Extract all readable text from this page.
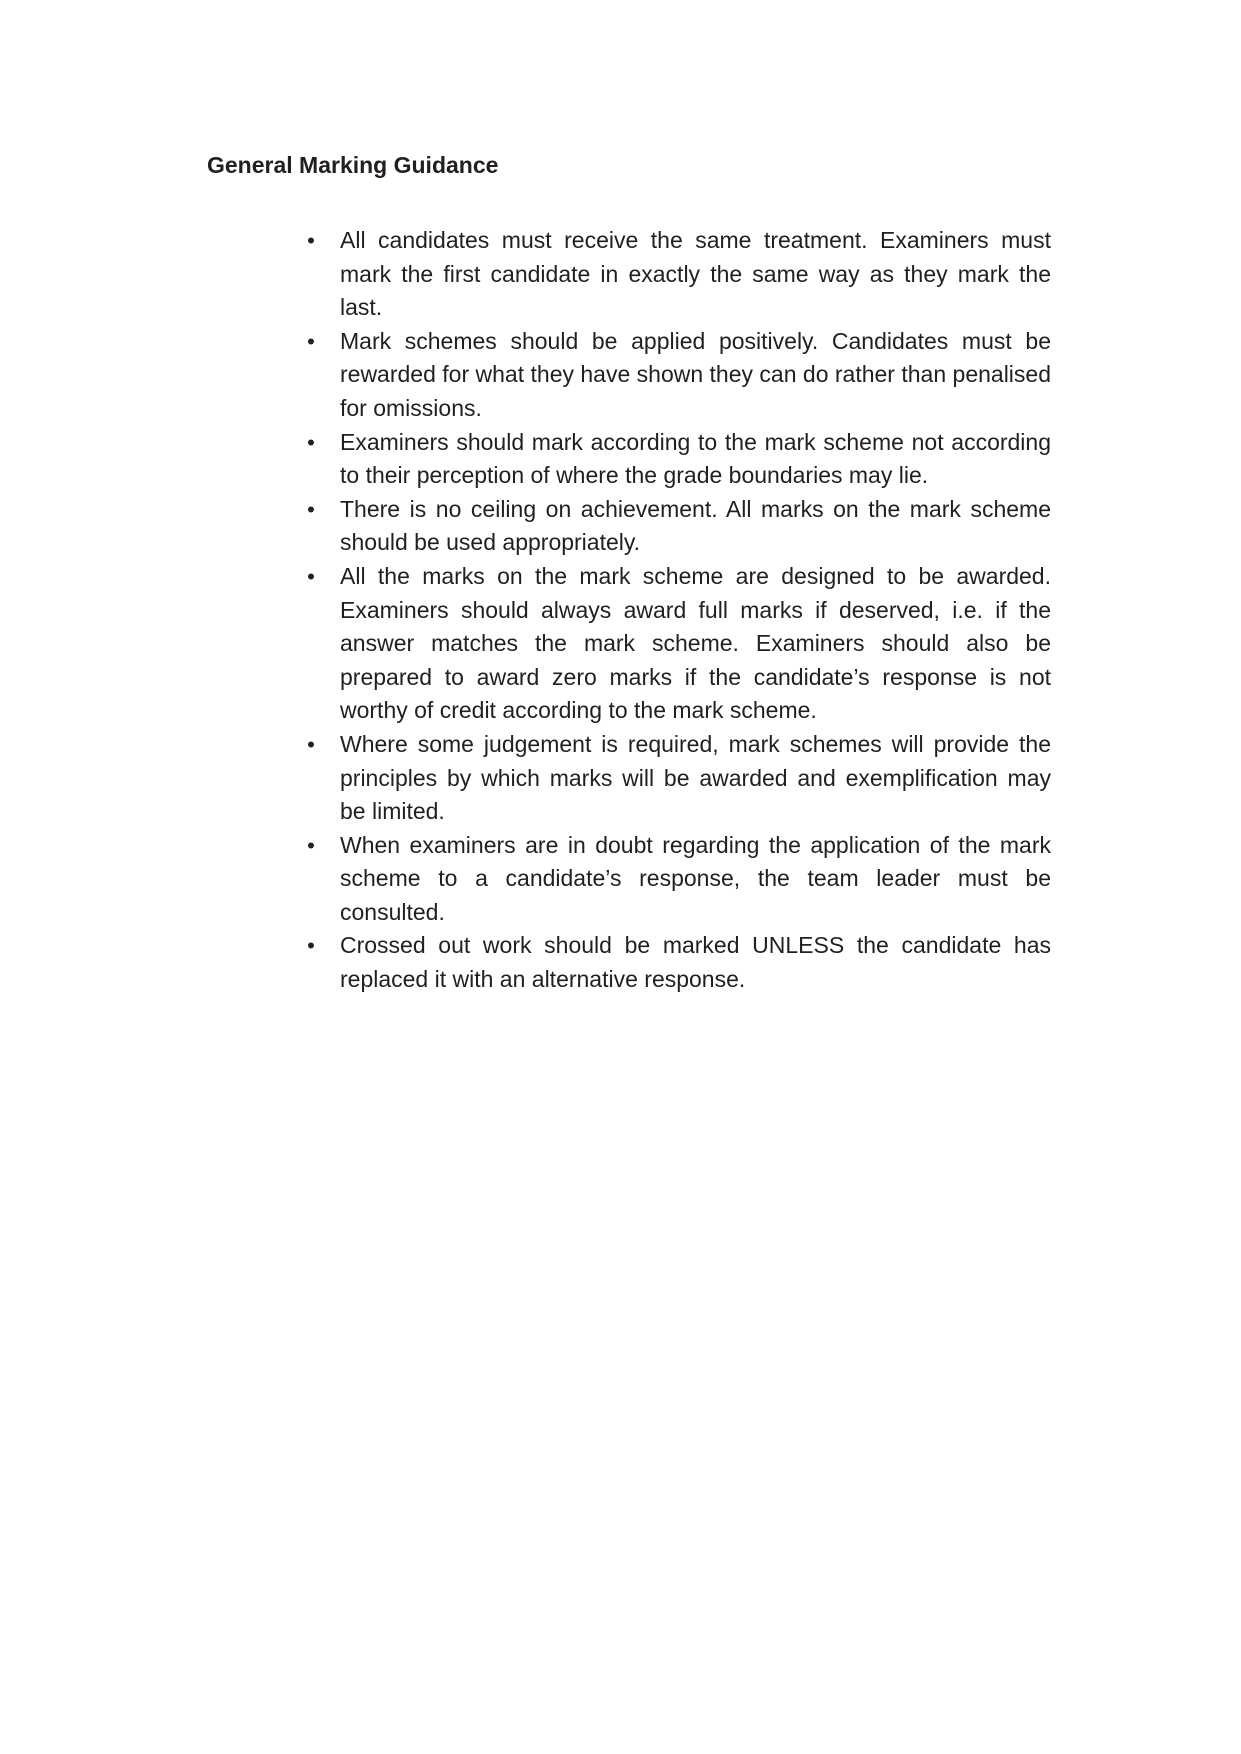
General Marking Guidance
• All candidates must receive the same treatment. Examiners must mark the first candidate in exactly the same way as they mark the last.
• Mark schemes should be applied positively. Candidates must be rewarded for what they have shown they can do rather than penalised for omissions.
• Examiners should mark according to the mark scheme not according to their perception of where the grade boundaries may lie.
• There is no ceiling on achievement. All marks on the mark scheme should be used appropriately.
• All the marks on the mark scheme are designed to be awarded. Examiners should always award full marks if deserved, i.e. if the answer matches the mark scheme. Examiners should also be prepared to award zero marks if the candidate’s response is not worthy of credit according to the mark scheme.
• Where some judgement is required, mark schemes will provide the principles by which marks will be awarded and exemplification may be limited.
• When examiners are in doubt regarding the application of the mark scheme to a candidate’s response, the team leader must be consulted.
• Crossed out work should be marked UNLESS the candidate has replaced it with an alternative response.
